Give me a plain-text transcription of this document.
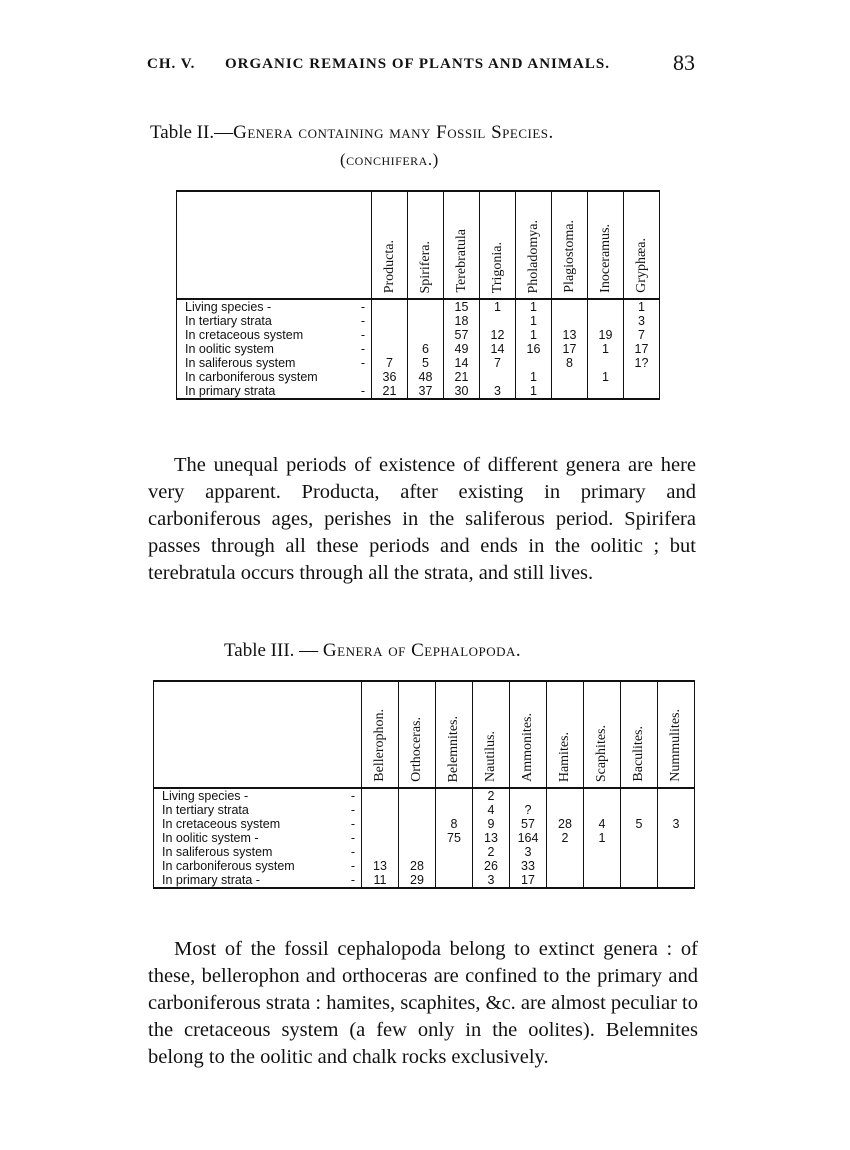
CH. V. ORGANIC REMAINS OF PLANTS AND ANIMALS.	83
Table II.—Genera containing many Fossil Species.
(conchifera.)
	Producta.	Spirifera.	Terebratula	Trigonia.	Pholadomya.	Plagiostoma.	Inoceramus.	Gryphæa.
Living species - -			15	1	1			1
In tertiary strata -			18		1			3
In cretaceous system -			57	12	1	13	19	7
In oolitic system -		6	49	14	16	17	1	17
In saliferous system -	7	5	14	7		8		1?
In carboniferous system	36	48	21		1		1	
In primary strata -	21	37	30	3	1			

The unequal periods of existence of different genera are here very apparent. Producta, after existing in primary and carboniferous ages, perishes in the saliferous period. Spirifera passes through all these periods and ends in the oolitic ; but terebratula occurs through all the strata, and still lives.

Table III. — Genera of Cephalopoda.
	Bellerophon.	Orthoceras.	Belemnites.	Nautilus.	Ammonites.	Hamites.	Scaphites.	Baculites.	Nummulites.
Living species - -				2					
In tertiary strata -				4	?				
In cretaceous system -			8	9	57	28	4	5	3
In oolitic system - -			75	13	164	2	1		
In saliferous system -				2	3				
In carboniferous system -	13	28		26	33				
In primary strata - -	11	29		3	17				

Most of the fossil cephalopoda belong to extinct genera : of these, bellerophon and orthoceras are confined to the primary and carboniferous strata : hamites, scaphites, &c. are almost peculiar to the cretaceous system (a few only in the oolites). Belemnites belong to the oolitic and chalk rocks exclusively.
